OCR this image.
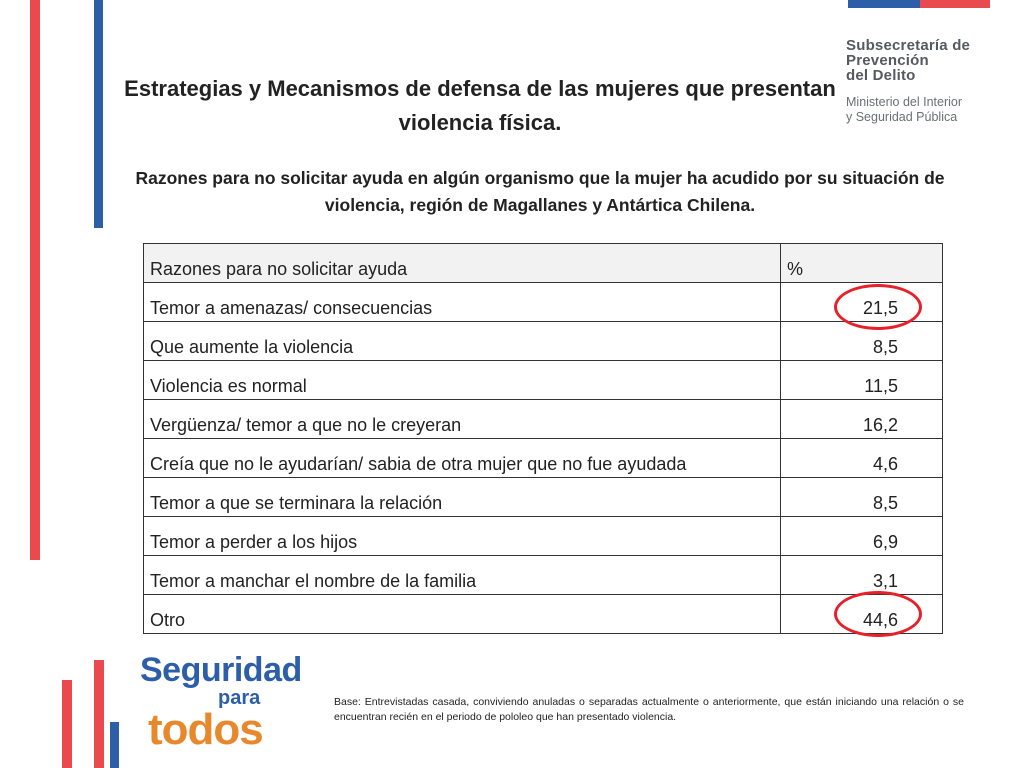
Subsecretaría de
Prevención
del Delito
Ministerio del Interior
y Seguridad Pública
Estrategias y Mecanismos de defensa de las mujeres que presentan violencia física.
Razones para no solicitar ayuda en algún organismo que la mujer ha acudido por su situación de violencia, región de Magallanes y Antártica Chilena.
Razones para no solicitar ayuda	%
Temor a amenazas/ consecuencias	21,5
Que aumente la violencia	8,5
Violencia es normal	11,5
Vergüenza/ temor a que no le creyeran	16,2
Creía que no le ayudarían/ sabia de otra mujer que no fue ayudada	4,6
Temor a que se terminara la relación	8,5
Temor a perder a los hijos	6,9
Temor a manchar el nombre de la familia	3,1
Otro	44,6
Seguridad
para
todos
Base: Entrevistadas casada, conviviendo anuladas o separadas actualmente o anteriormente, que están iniciando una relación o se encuentran recién en el periodo de pololeo que han presentado violencia.
